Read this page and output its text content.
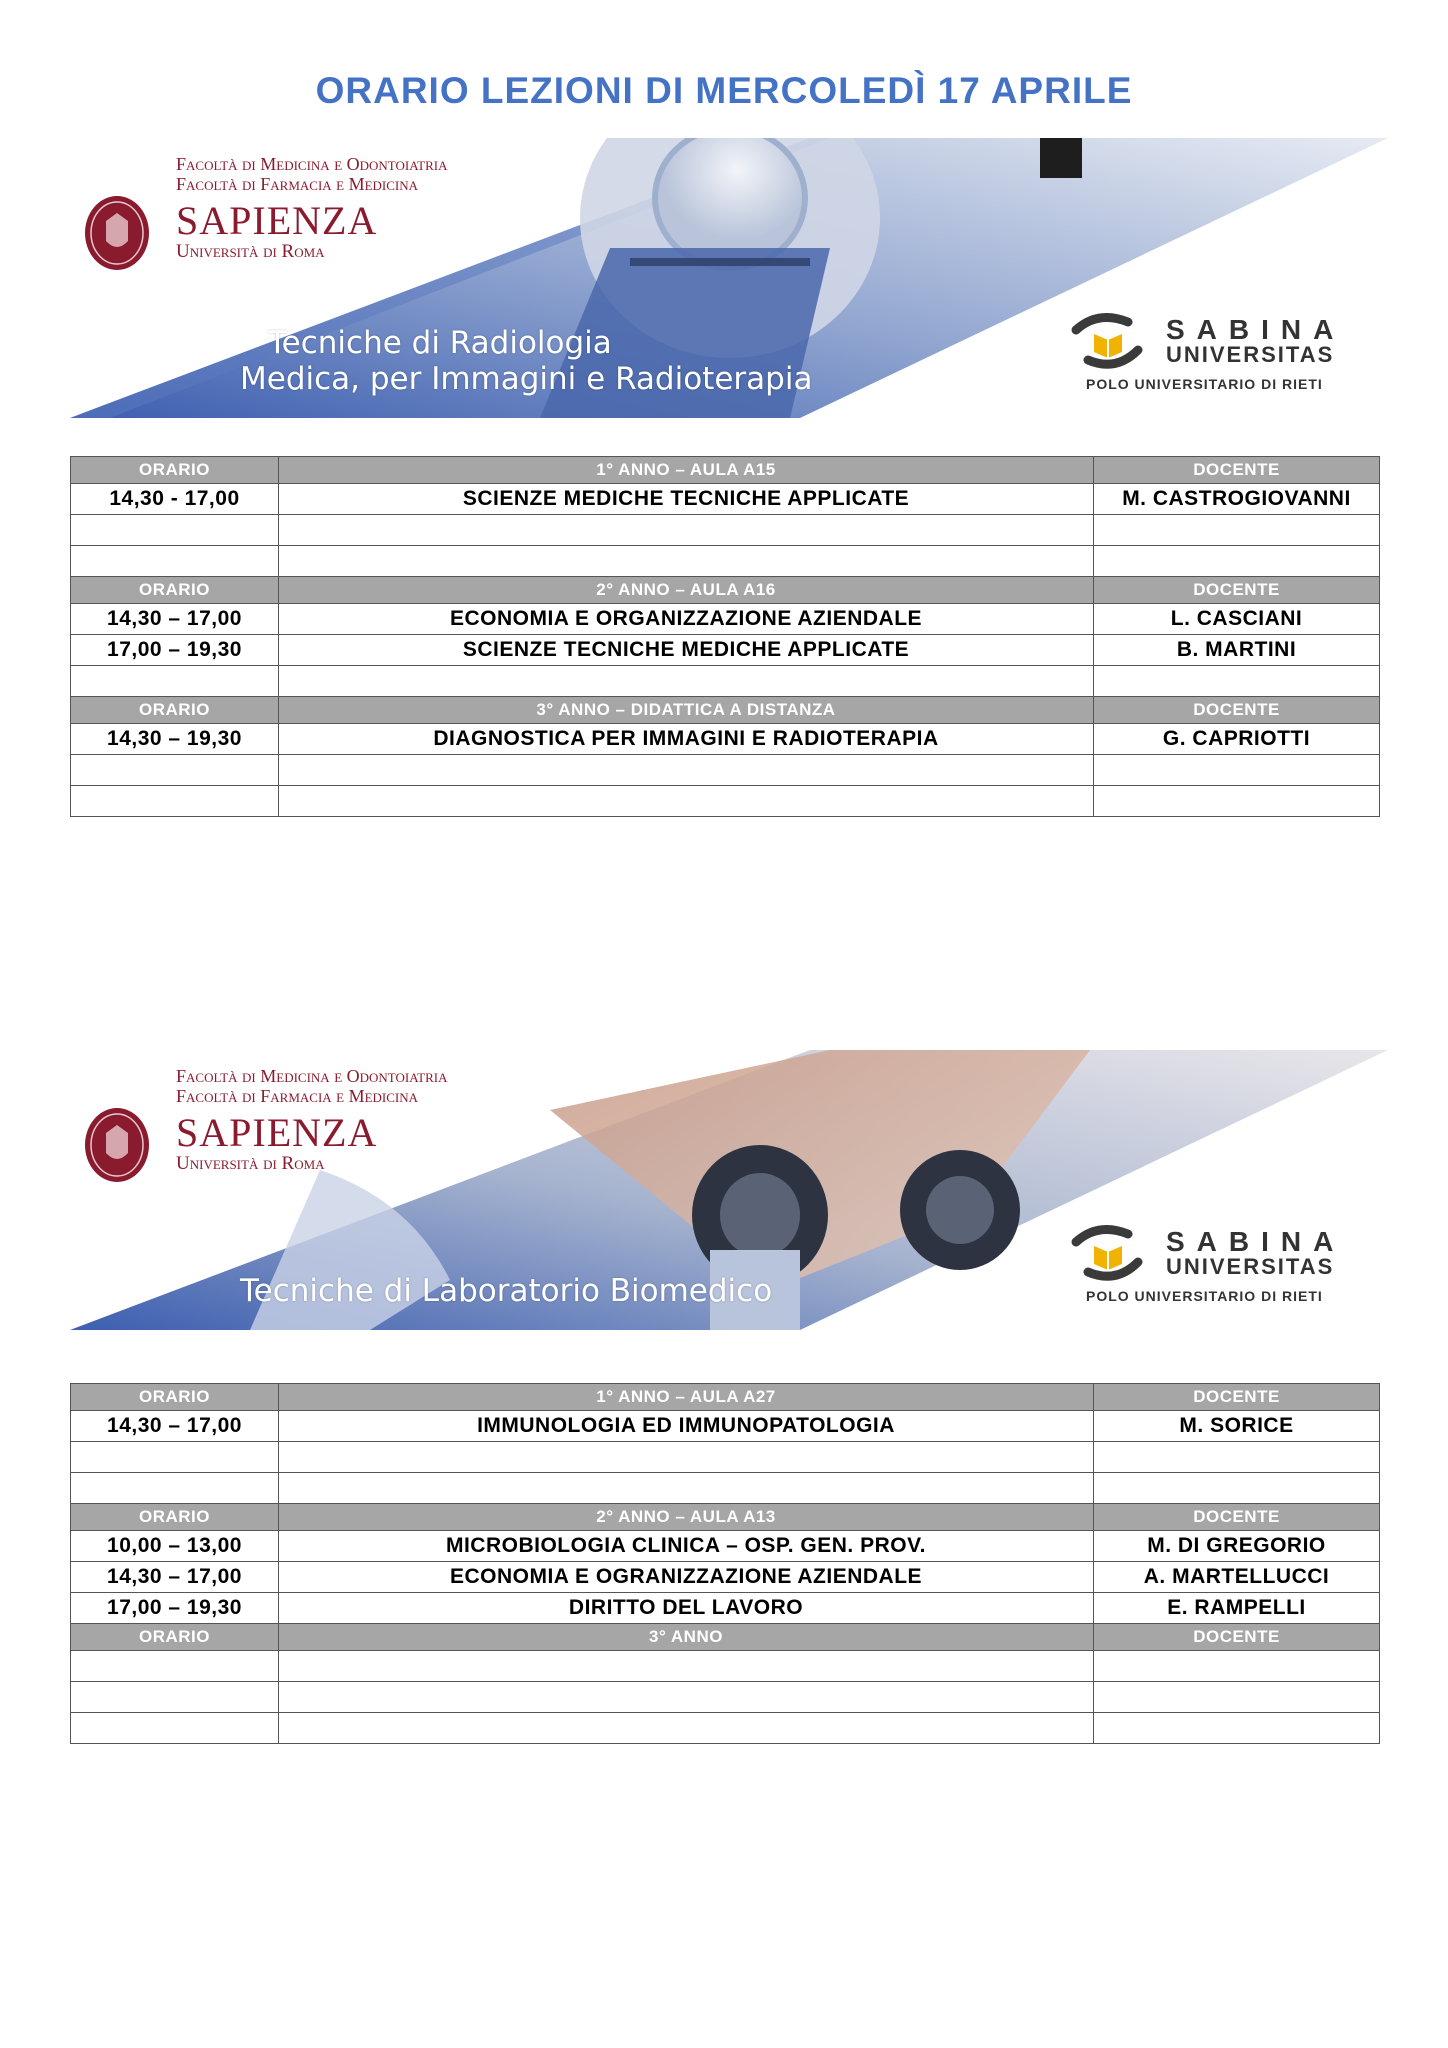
ORARIO LEZIONI DI MERCOLEDÌ 17 APRILE
Facoltà di Medicina e Odontoiatria
Facoltà di Farmacia e Medicina
SAPIENZA
Università di Roma
Tecniche di Radiologia
Medica, per Immagini e Radioterapia
SABINA
UNIVERSITAS
POLO UNIVERSITARIO DI RIETI
ORARIO	1° ANNO – AULA A15	DOCENTE
14,30 - 17,00	SCIENZE MEDICHE TECNICHE APPLICATE	M. CASTROGIOVANNI

ORARIO	2° ANNO – AULA A16	DOCENTE
14,30 – 17,00	ECONOMIA E ORGANIZZAZIONE AZIENDALE	L. CASCIANI
17,00 – 19,30	SCIENZE TECNICHE MEDICHE APPLICATE	B. MARTINI

ORARIO	3° ANNO – DIDATTICA A DISTANZA	DOCENTE
14,30 – 19,30	DIAGNOSTICA PER IMMAGINI E RADIOTERAPIA	G. CAPRIOTTI

Facoltà di Medicina e Odontoiatria
Facoltà di Farmacia e Medicina
SAPIENZA
Università di Roma
Tecniche di Laboratorio Biomedico
SABINA
UNIVERSITAS
POLO UNIVERSITARIO DI RIETI
ORARIO	1° ANNO – AULA A27	DOCENTE
14,30 – 17,00	IMMUNOLOGIA ED IMMUNOPATOLOGIA	M. SORICE

ORARIO	2° ANNO – AULA A13	DOCENTE
10,00 – 13,00	MICROBIOLOGIA CLINICA – OSP. GEN. PROV.	M. DI GREGORIO
14,30 – 17,00	ECONOMIA E OGRANIZZAZIONE AZIENDALE	A. MARTELLUCCI
17,00 – 19,30	DIRITTO DEL LAVORO	E. RAMPELLI
ORARIO	3° ANNO	DOCENTE
